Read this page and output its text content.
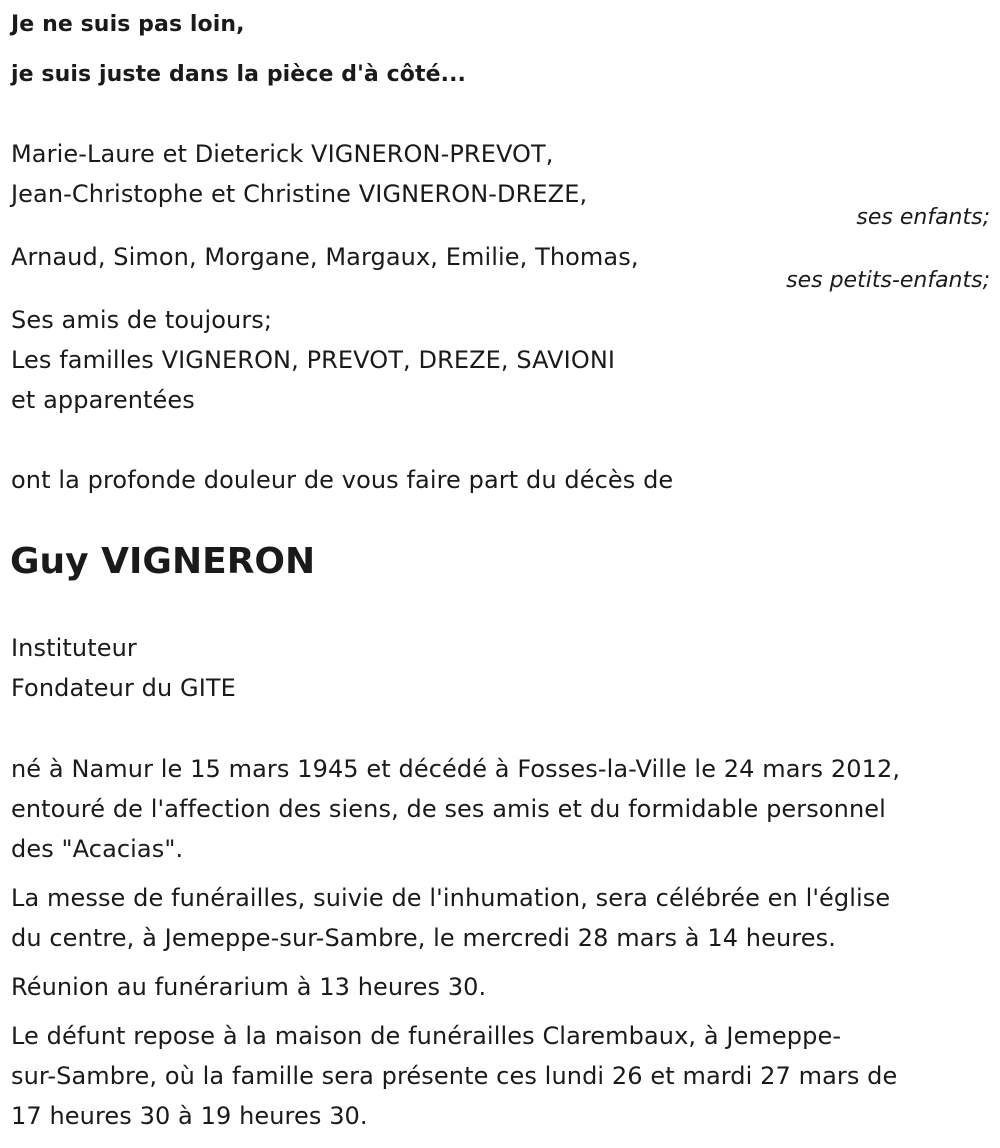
Je ne suis pas loin,
je suis juste dans la pièce d'à côté...
Marie-Laure et Dieterick VIGNERON-PREVOT,
Jean-Christophe et Christine VIGNERON-DREZE,
ses enfants;
Arnaud, Simon, Morgane, Margaux, Emilie, Thomas,
ses petits-enfants;
Ses amis de toujours;
Les familles VIGNERON, PREVOT, DREZE, SAVIONI
et apparentées
ont la profonde douleur de vous faire part du décès de
Guy VIGNERON
Instituteur
Fondateur du GITE
né à Namur le 15 mars 1945 et décédé à Fosses-la-Ville le 24 mars 2012,
entouré de l'affection des siens, de ses amis et du formidable personnel
des "Acacias".
La messe de funérailles, suivie de l'inhumation, sera célébrée en l'église
du centre, à Jemeppe-sur-Sambre, le mercredi 28 mars à 14 heures.
Réunion au funérarium à 13 heures 30.
Le défunt repose à la maison de funérailles Clarembaux, à Jemeppe-
sur-Sambre, où la famille sera présente ces lundi 26 et mardi 27 mars de
17 heures 30 à 19 heures 30.
